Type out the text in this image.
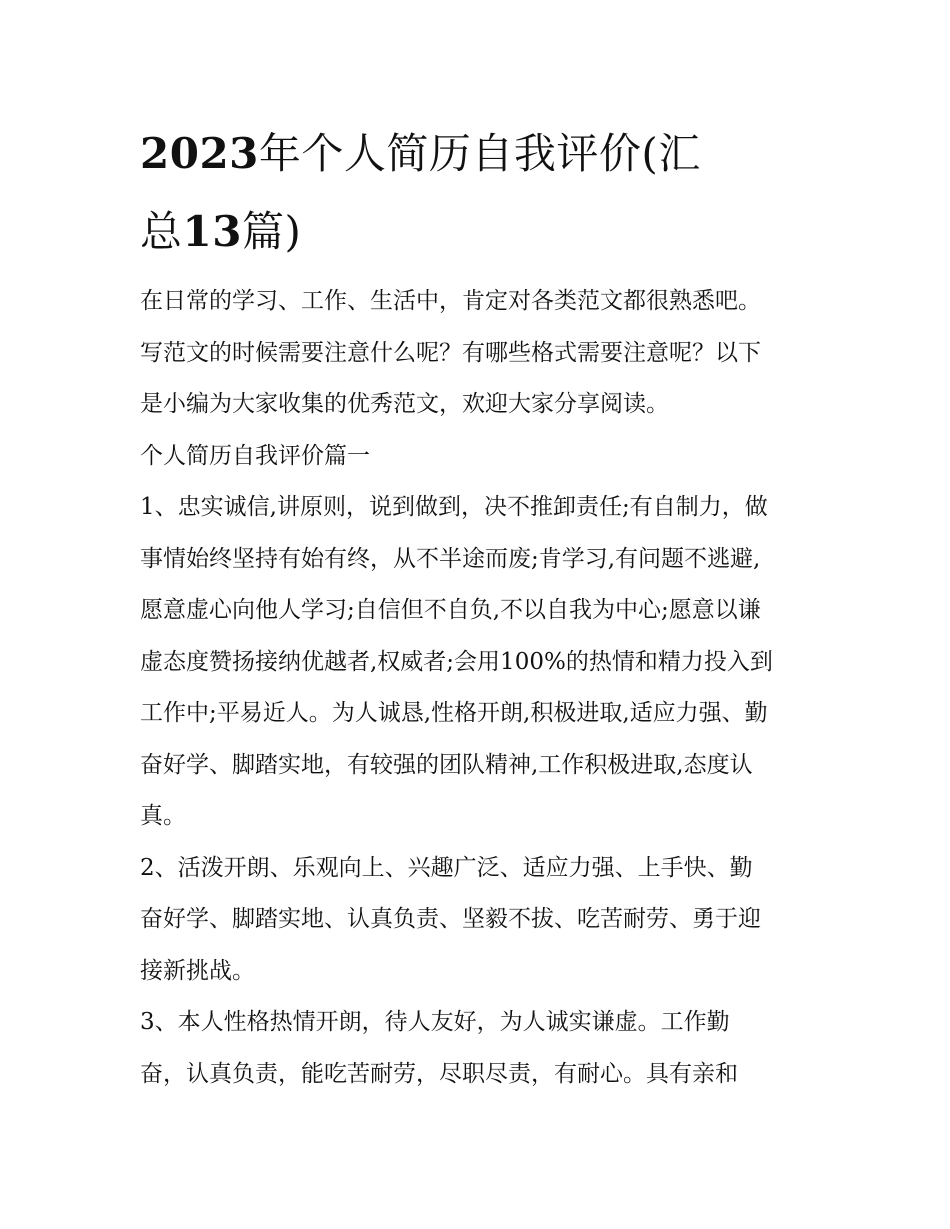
2023年个人简历自我评价(汇
总13篇)

在日常的学习、工作、生活中，肯定对各类范文都很熟悉吧。
写范文的时候需要注意什么呢？有哪些格式需要注意呢？以下
是小编为大家收集的优秀范文，欢迎大家分享阅读。

个人简历自我评价篇一

1、忠实诚信,讲原则，说到做到，决不推卸责任;有自制力，做
事情始终坚持有始有终，从不半途而废;肯学习,有问题不逃避,
愿意虚心向他人学习;自信但不自负,不以自我为中心;愿意以谦
虚态度赞扬接纳优越者,权威者;会用100%的热情和精力投入到
工作中;平易近人。为人诚恳,性格开朗,积极进取,适应力强、勤
奋好学、脚踏实地，有较强的团队精神,工作积极进取,态度认
真。

2、活泼开朗、乐观向上、兴趣广泛、适应力强、上手快、勤
奋好学、脚踏实地、认真负责、坚毅不拔、吃苦耐劳、勇于迎
接新挑战。

3、本人性格热情开朗，待人友好，为人诚实谦虚。工作勤
奋，认真负责，能吃苦耐劳，尽职尽责，有耐心。具有亲和
